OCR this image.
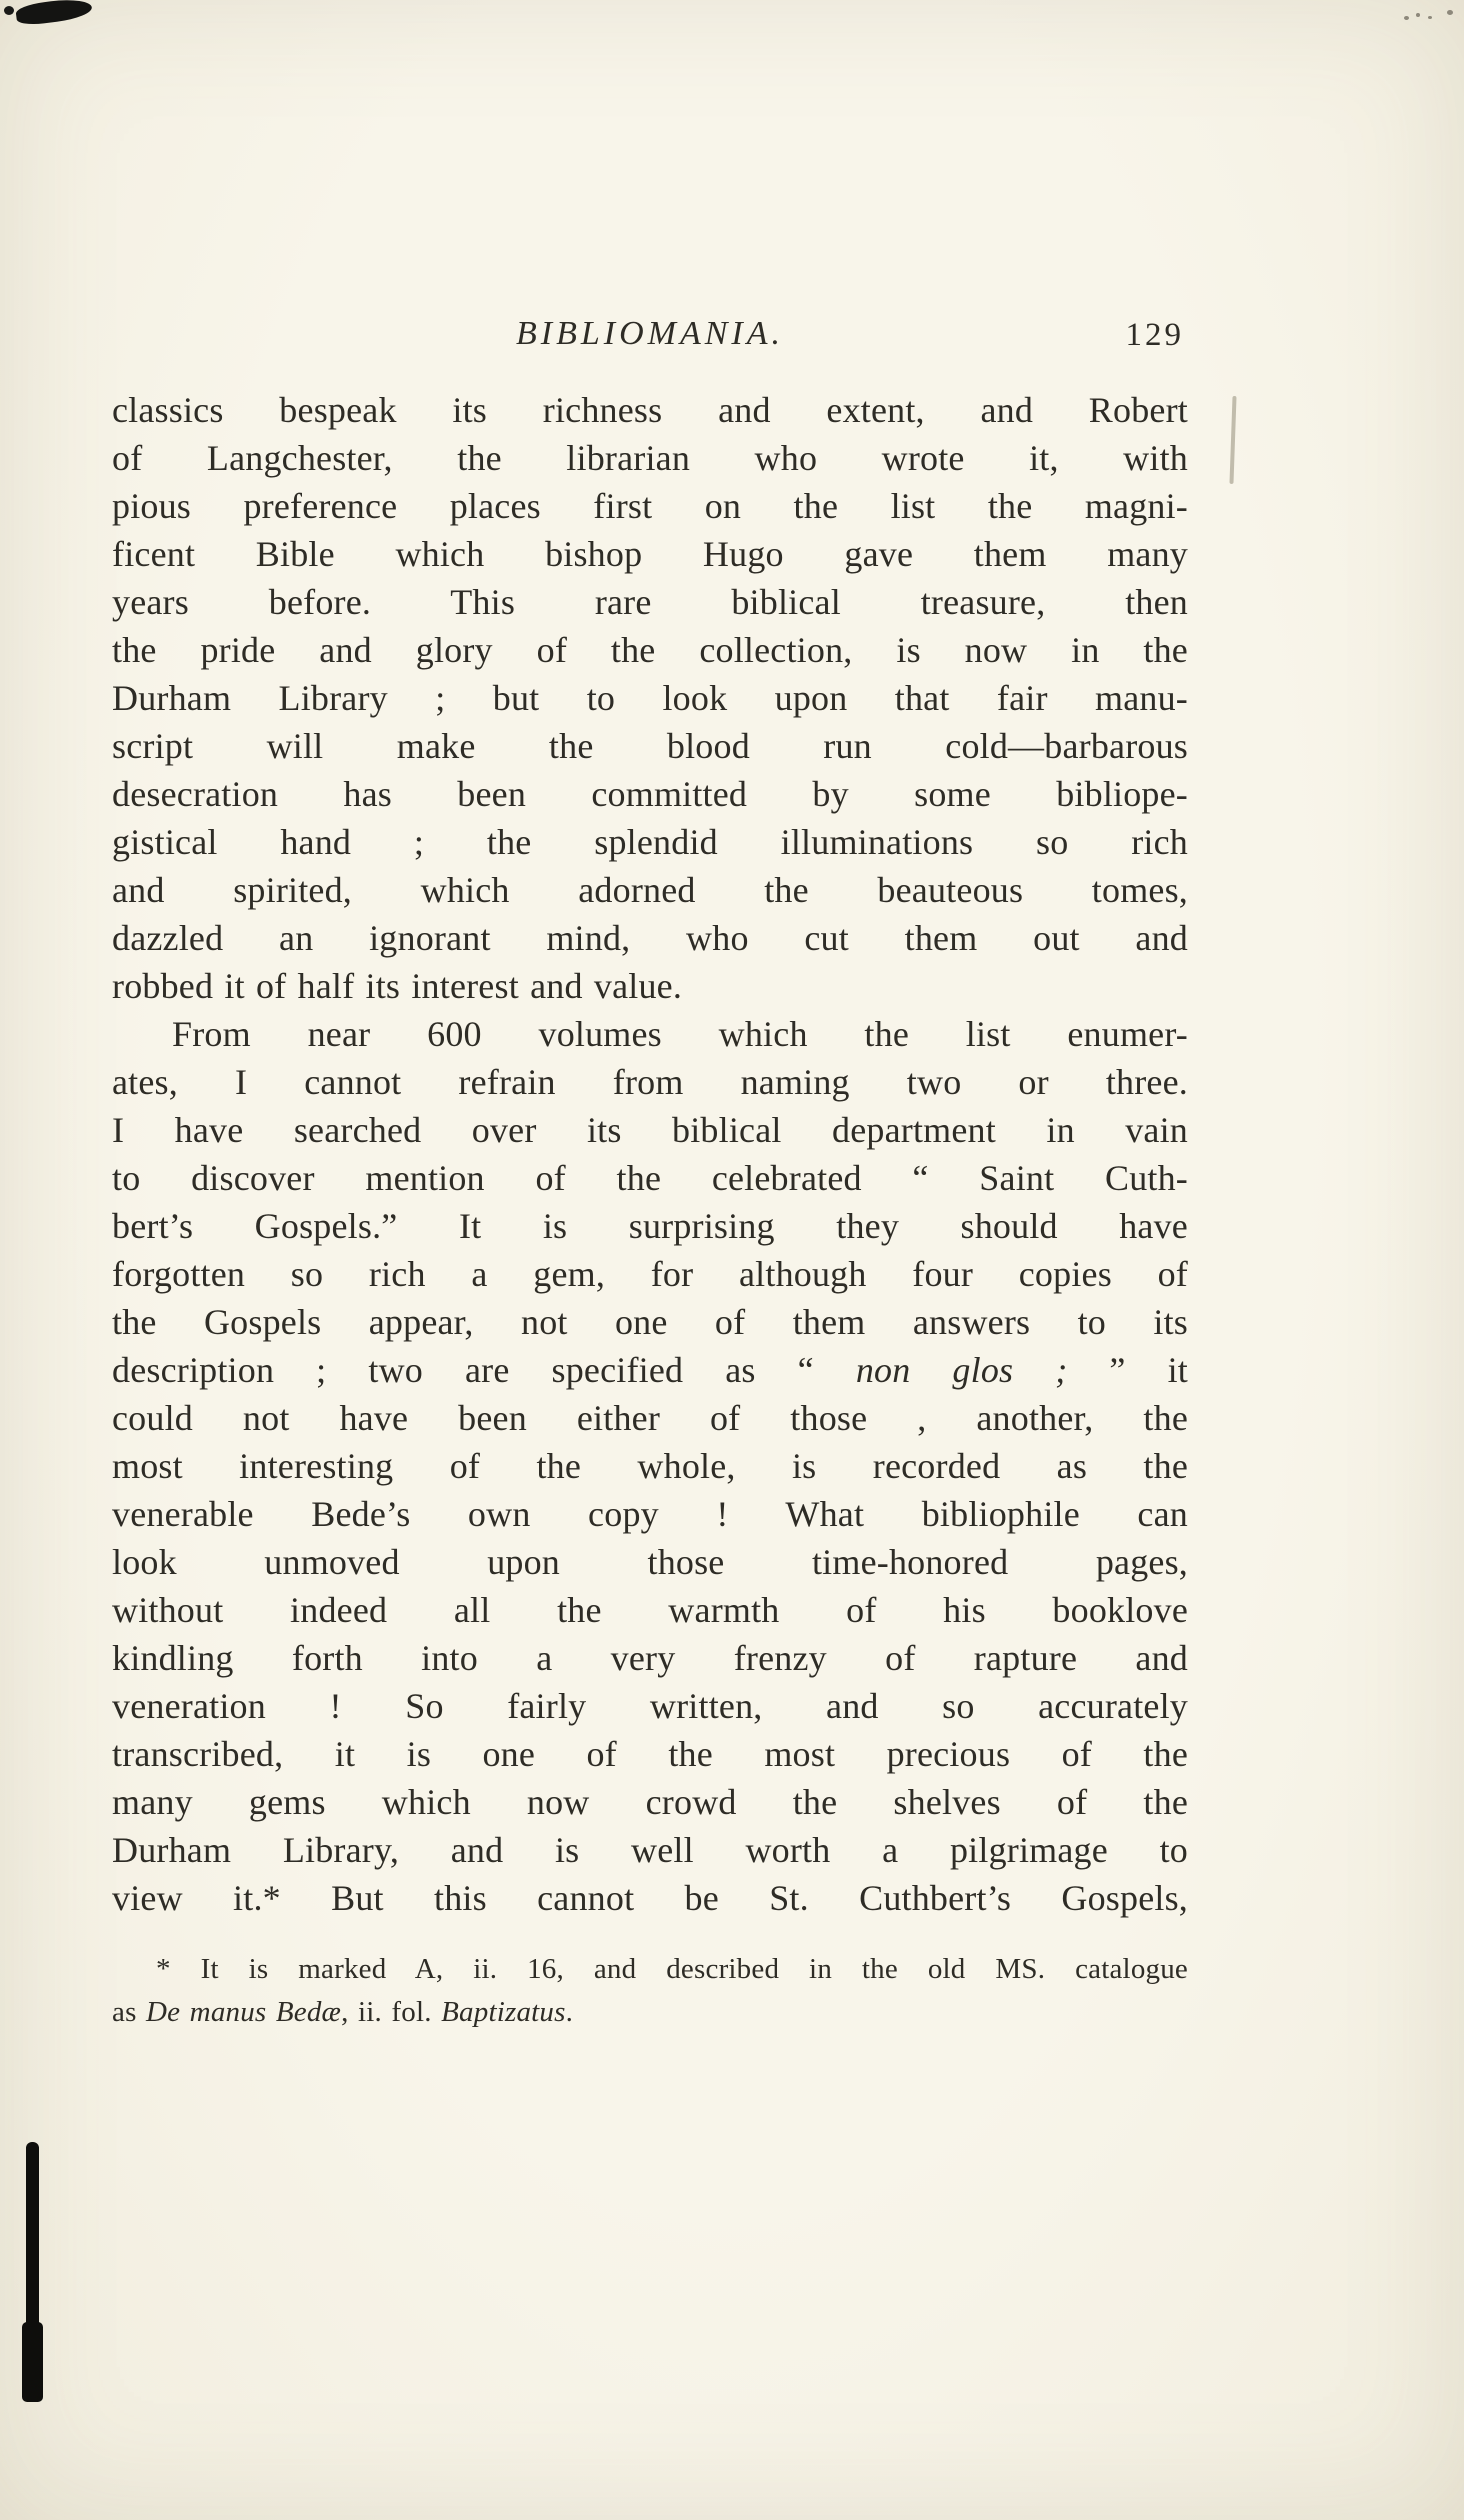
BIBLIOMANIA.	129
classics bespeak its richness and extent, and Robert
of Langchester, the librarian who wrote it, with
pious preference places first on the list the magni-
ficent Bible which bishop Hugo gave them many
years before. This rare biblical treasure, then
the pride and glory of the collection, is now in the
Durham Library ; but to look upon that fair manu-
script will make the blood run cold—barbarous
desecration has been committed by some bibliope-
gistical hand ; the splendid illuminations so rich
and spirited, which adorned the beauteous tomes,
dazzled an ignorant mind, who cut them out and
robbed it of half its interest and value.
From near 600 volumes which the list enumer-
ates, I cannot refrain from naming two or three.
I have searched over its biblical department in vain
to discover mention of the celebrated “ Saint Cuth-
bert’s Gospels.” It is surprising they should have
forgotten so rich a gem, for although four copies of
the Gospels appear, not one of them answers to its
description ; two are specified as “ non glos ; ” it
could not have been either of those , another, the
most interesting of the whole, is recorded as the
venerable Bede’s own copy ! What bibliophile can
look unmoved upon those time-honored pages,
without indeed all the warmth of his booklove
kindling forth into a very frenzy of rapture and
veneration ! So fairly written, and so accurately
transcribed, it is one of the most precious of the
many gems which now crowd the shelves of the
Durham Library, and is well worth a pilgrimage to
view it.* But this cannot be St. Cuthbert’s Gospels,
* It is marked A, ii. 16, and described in the old MS. catalogue
as De manus Bedæ, ii. fol. Baptizatus.
